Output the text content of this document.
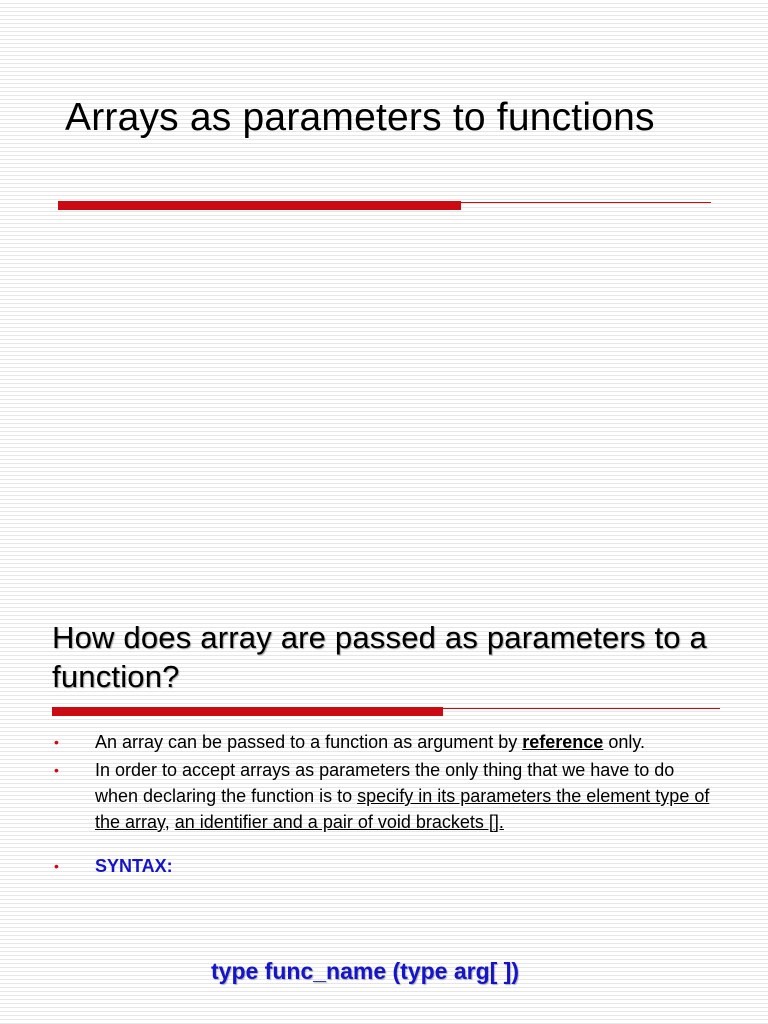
Arrays as parameters to functions
How does array are passed as parameters to a function?
• An array can be passed to a function as argument by reference only.
• In order to accept arrays as parameters the only thing that we have to do when declaring the function is to specify in its parameters the element type of the array, an identifier and a pair of void brackets [].
• SYNTAX:

type func_name (type arg[ ])
